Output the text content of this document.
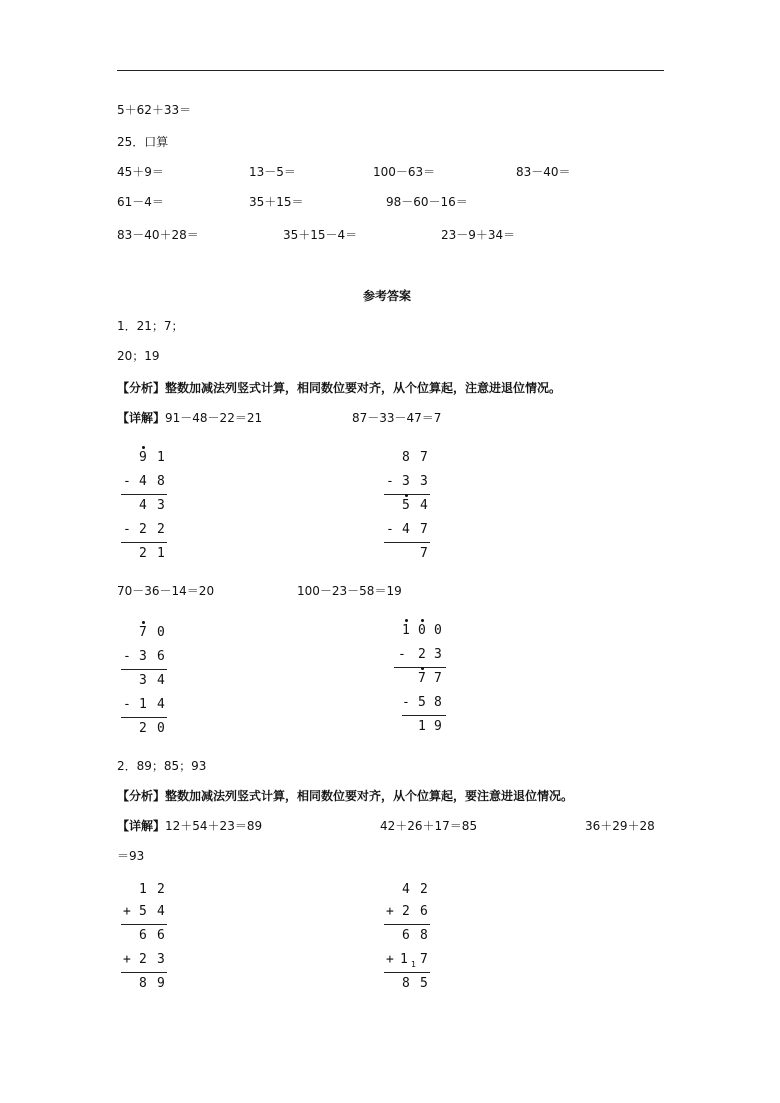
5＋62＋33＝
25．口算
45＋9＝	13－5＝	100－63＝	83－40＝
61－4＝	35＋15＝	98－60－16＝
83－40＋28＝	35＋15－4＝	23－9＋34＝
参考答案
1．21；7；
20；19
【分析】整数加减法列竖式计算，相同数位要对齐，从个位算起，注意进退位情况。
【详解】91－48－22＝21	87－33－47＝7
9 1
- 4 8
4 3
- 2 2
2 1
8 7
- 3 3
5 4
- 4 7
7
70－36－14＝20	100－23－58＝19
7 0
- 3 6
3 4
- 1 4
2 0
1 0 0
- 2 3
7 7
- 5 8
1 9
2．89；85；93
【分析】整数加减法列竖式计算，相同数位要对齐，从个位算起，要注意进退位情况。
【详解】12＋54＋23＝89	42＋26＋17＝85	36＋29＋28
＝93
1 2
+ 5 4
6 6
+ 2 3
8 9
4 2
+ 2 6
6 8
+ 1 1 7
8 5
